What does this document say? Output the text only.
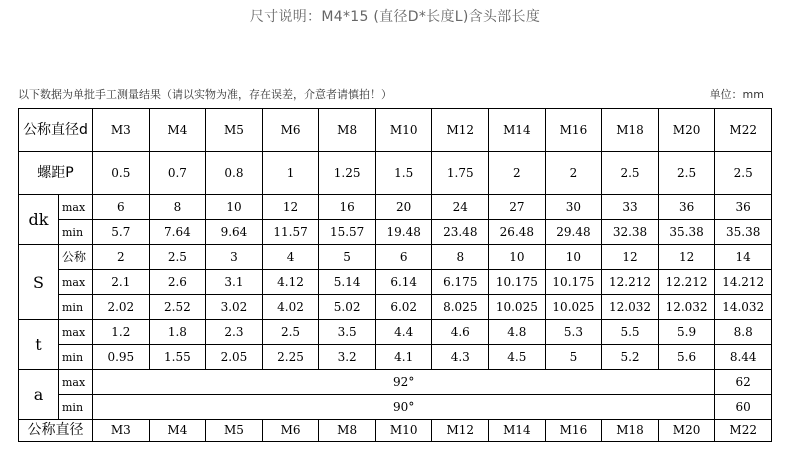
尺寸说明：M4*15 (直径D*长度L)含头部长度
以下数据为单批手工测量结果（请以实物为准，存在误差，介意者请慎拍！）	单位：mm
公称直径d		M3	M4	M5	M6	M8	M10	M12	M14	M16	M18	M20	M22
螺距P		0.5	0.7	0.8	1	1.25	1.5	1.75	2	2	2.5	2.5	2.5
dk	max	6	8	10	12	16	20	24	27	30	33	36	36
	min	5.7	7.64	9.64	11.57	15.57	19.48	23.48	26.48	29.48	32.38	35.38	35.38
S	公称	2	2.5	3	4	5	6	8	10	10	12	12	14
	max	2.1	2.6	3.1	4.12	5.14	6.14	6.175	10.175	10.175	12.212	12.212	14.212
	min	2.02	2.52	3.02	4.02	5.02	6.02	8.025	10.025	10.025	12.032	12.032	14.032
t	max	1.2	1.8	2.3	2.5	3.5	4.4	4.6	4.8	5.3	5.5	5.9	8.8
	min	0.95	1.55	2.05	2.25	3.2	4.1	4.3	4.5	5	5.2	5.6	8.44
a	max	92°											62
	min	90°											60
公称直径		M3	M4	M5	M6	M8	M10	M12	M14	M16	M18	M20	M22
